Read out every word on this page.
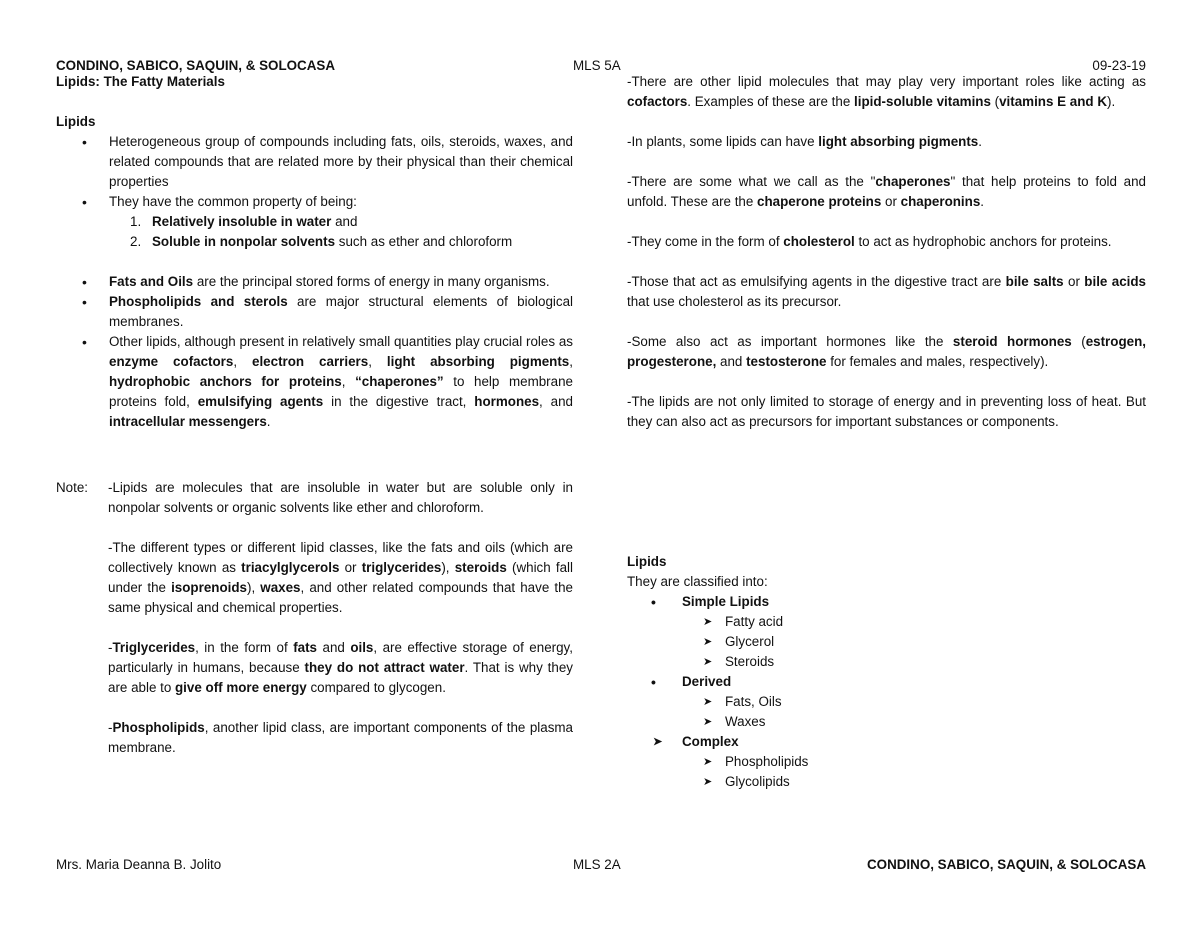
CONDINO, SABICO, SAQUIN, & SOLOCASA
Lipids: The Fatty Materials
MLS 5A	09-23-19
Lipids
• Heterogeneous group of compounds including fats, oils, steroids, waxes, and related compounds that are related more by their physical than their chemical properties
• They have the common property of being:
1. Relatively insoluble in water and
2. Soluble in nonpolar solvents such as ether and chloroform
• Fats and Oils are the principal stored forms of energy in many organisms.
• Phospholipids and sterols are major structural elements of biological membranes.
• Other lipids, although present in relatively small quantities play crucial roles as enzyme cofactors, electron carriers, light absorbing pigments, hydrophobic anchors for proteins, “chaperones” to help membrane proteins fold, emulsifying agents in the digestive tract, hormones, and intracellular messengers.
Note: -Lipids are molecules that are insoluble in water but are soluble only in nonpolar solvents or organic solvents like ether and chloroform.
-The different types or different lipid classes, like the fats and oils (which are collectively known as triacylglycerols or triglycerides), steroids (which fall under the isoprenoids), waxes, and other related compounds that have the same physical and chemical properties.
-Triglycerides, in the form of fats and oils, are effective storage of energy, particularly in humans, because they do not attract water. That is why they are able to give off more energy compared to glycogen.
-Phospholipids, another lipid class, are important components of the plasma membrane.
-There are other lipid molecules that may play very important roles like acting as cofactors. Examples of these are the lipid-soluble vitamins (vitamins E and K).
-In plants, some lipids can have light absorbing pigments.
-There are some what we call as the "chaperones" that help proteins to fold and unfold. These are the chaperone proteins or chaperonins.
-They come in the form of cholesterol to act as hydrophobic anchors for proteins.
-Those that act as emulsifying agents in the digestive tract are bile salts or bile acids that use cholesterol as its precursor.
-Some also act as important hormones like the steroid hormones (estrogen, progesterone, and testosterone for females and males, respectively).
-The lipids are not only limited to storage of energy and in preventing loss of heat. But they can also act as precursors for important substances or components.
Lipids
They are classified into:
• Simple Lipids
➤ Fatty acid
➤ Glycerol
➤ Steroids
• Derived
➤ Fats, Oils
➤ Waxes
➤ Complex
➤ Phospholipids
➤ Glycolipids
Mrs. Maria Deanna B. Jolito	MLS 2A	CONDINO, SABICO, SAQUIN, & SOLOCASA
